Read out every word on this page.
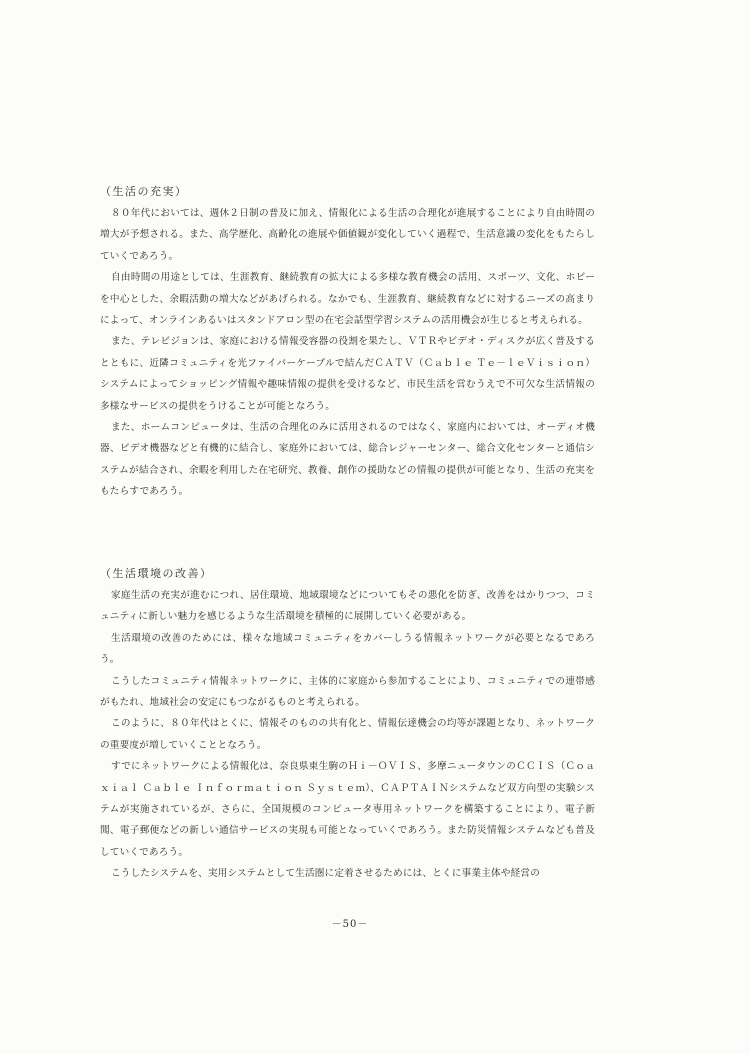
（生活の充実）

８０年代においては、週休２日制の普及に加え、情報化による生活の合理化が進展することにより自由時間の増大が予想される。また、高学歴化、高齢化の進展や価値観が変化していく過程で、生活意識の変化をもたらしていくであろう。

自由時間の用途としては、生涯教育、継続教育の拡大による多様な教育機会の活用、スポーツ、文化、ホビーを中心とした、余暇活動の増大などがあげられる。なかでも、生涯教育、継続教育などに対するニーズの高まりによって、オンラインあるいはスタンドアロン型の在宅会話型学習システムの活用機会が生じると考えられる。

また、テレビジョンは、家庭における情報受容器の役割を果たし、ＶＴＲやビデオ・ディスクが広く普及するとともに、近隣コミュニティを光ファイバーケーブルで結んだＣＡＴＶ（Ｃａｂｌｅ Ｔｅ－ｌｅＶｉｓｉｏｎ）システムによってショッピング情報や趣味情報の提供を受けるなど、市民生活を営むうえで不可欠な生活情報の多様なサービスの提供をうけることが可能となろう。

また、ホームコンピュータは、生活の合理化のみに活用されるのではなく、家庭内においては、オーディオ機器、ビデオ機器などと有機的に結合し、家庭外においては、総合レジャーセンター、総合文化センターと通信システムが結合され、余暇を利用した在宅研究、教養、創作の援助などの情報の提供が可能となり、生活の充実をもたらすであろう。

（生活環境の改善）

家庭生活の充実が進むにつれ、居住環境、地域環境などについてもその悪化を防ぎ、改善をはかりつつ、コミュニティに新しい魅力を感じるような生活環境を積極的に展開していく必要がある。

生活環境の改善のためには、様々な地域コミュニティをカバーしうる情報ネットワークが必要となるであろう。

こうしたコミュニティ情報ネットワークに、主体的に家庭から参加することにより、コミュニティでの連帯感がもたれ、地域社会の安定にもつながるものと考えられる。

このように、８０年代はとくに、情報そのものの共有化と、情報伝達機会の均等が課題となり、ネットワークの重要度が増していくこととなろう。

すでにネットワークによる情報化は、奈良県東生駒のＨｉ－ＯＶＩＳ、多摩ニュータウンのＣＣＩＳ（Ｃｏａｘｉａｌ Ｃａｂｌｅ Ｉｎｆｏｒｍａｔｉｏｎ Ｓｙｓｔｅｍ）、ＣＡＰＴＡＩＮシステムなど双方向型の実験システムが実施されているが、さらに、全国規模のコンピュータ専用ネットワークを構築することにより、電子新聞、電子郵便などの新しい通信サービスの実現も可能となっていくであろう。また防災情報システムなども普及していくであろう。

こうしたシステムを、実用システムとして生活圏に定着させるためには、とくに事業主体や経営の

－50－
